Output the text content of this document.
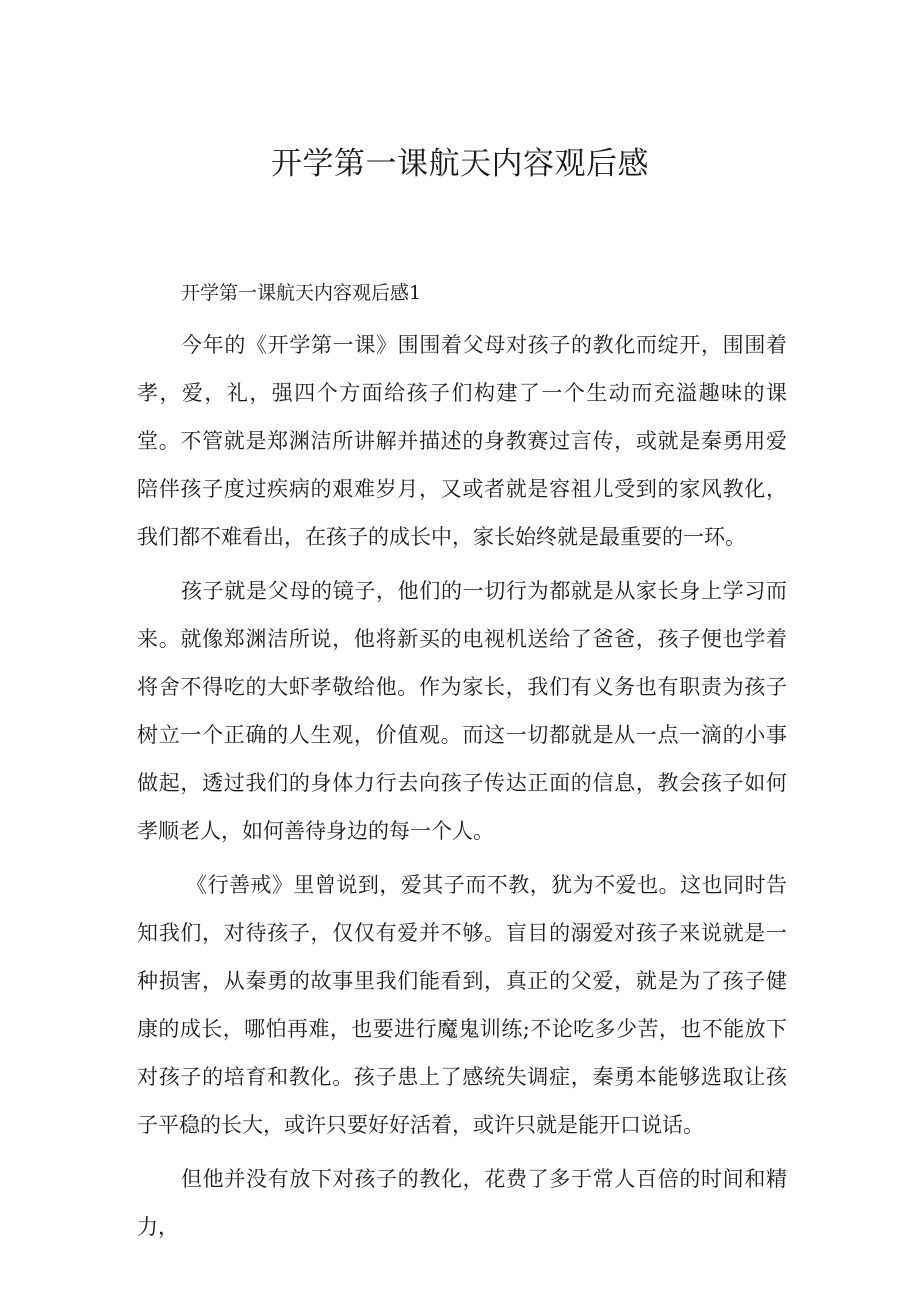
开学第一课航天内容观后感
开学第一课航天内容观后感1

今年的《开学第一课》围围着父母对孩子的教化而绽开，围围着孝，爱，礼，强四个方面给孩子们构建了一个生动而充溢趣味的课堂。不管就是郑渊洁所讲解并描述的身教赛过言传，或就是秦勇用爱陪伴孩子度过疾病的艰难岁月，又或者就是容祖儿受到的家风教化，我们都不难看出，在孩子的成长中，家长始终就是最重要的一环。

孩子就是父母的镜子，他们的一切行为都就是从家长身上学习而来。就像郑渊洁所说，他将新买的电视机送给了爸爸，孩子便也学着将舍不得吃的大虾孝敬给他。作为家长，我们有义务也有职责为孩子树立一个正确的人生观，价值观。而这一切都就是从一点一滴的小事做起，透过我们的身体力行去向孩子传达正面的信息，教会孩子如何孝顺老人，如何善待身边的每一个人。

《行善戒》里曾说到，爱其子而不教，犹为不爱也。这也同时告知我们，对待孩子，仅仅有爱并不够。盲目的溺爱对孩子来说就是一种损害，从秦勇的故事里我们能看到，真正的父爱，就是为了孩子健康的成长，哪怕再难，也要进行魔鬼训练;不论吃多少苦，也不能放下对孩子的培育和教化。孩子患上了感统失调症，秦勇本能够选取让孩子平稳的长大，或许只要好好活着，或许只就是能开口说话。

但他并没有放下对孩子的教化，花费了多于常人百倍的时间和精力，
